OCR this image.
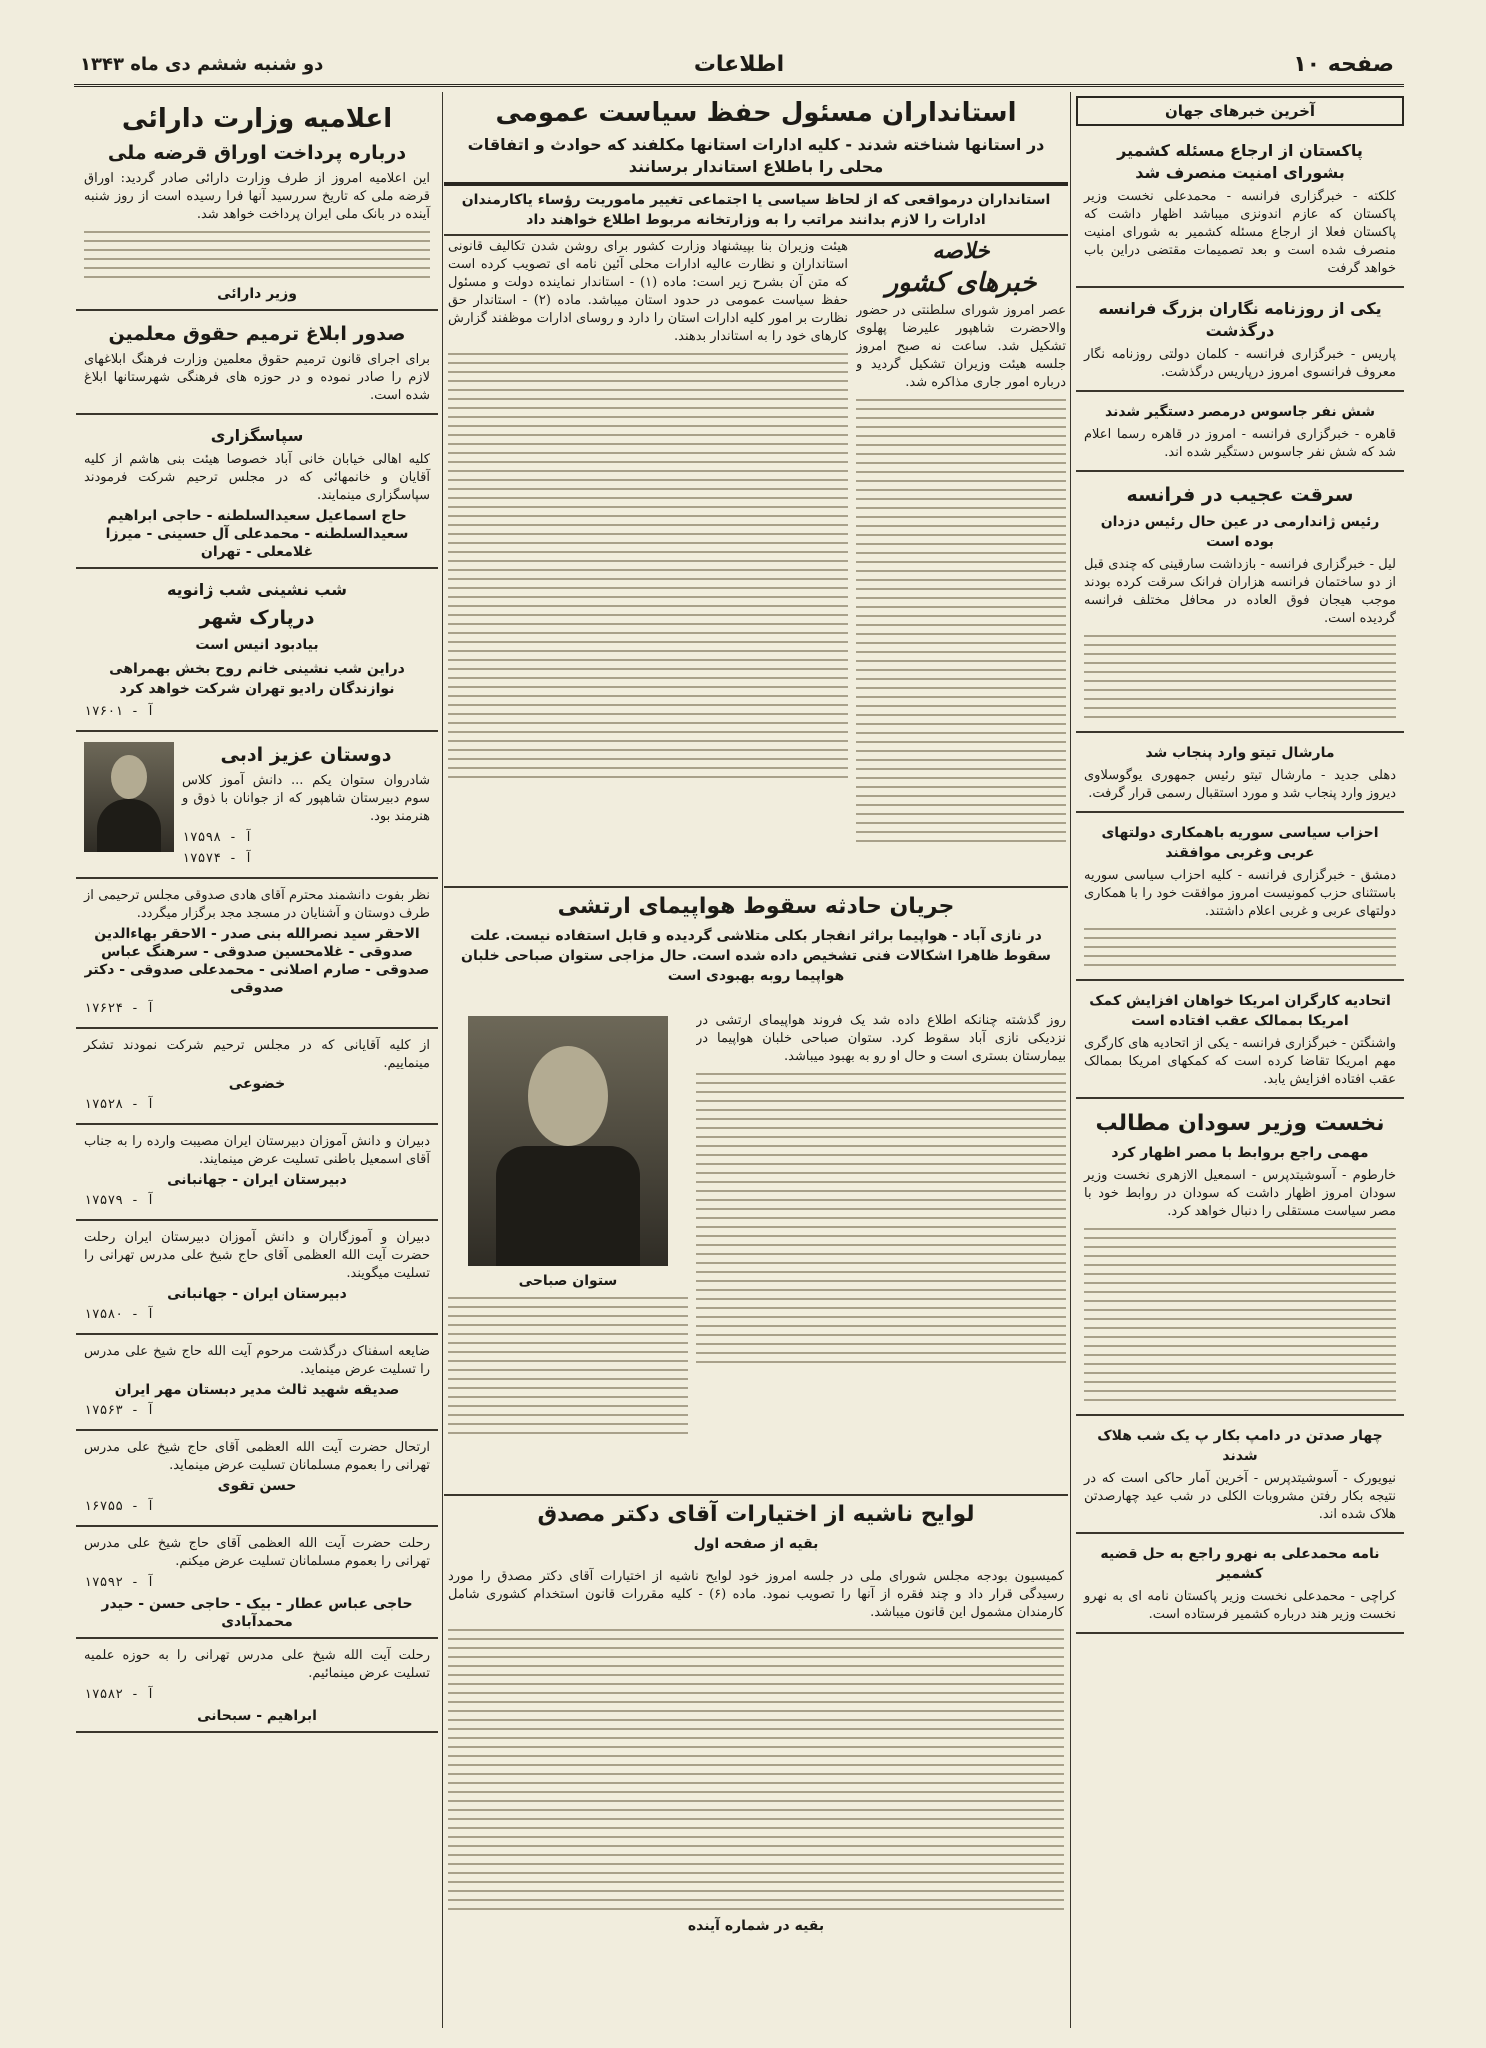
صفحه ۱۰
اطلاعات
دو شنبه ششم دی ماه ۱۳۴۳
آخرین خبرهای جهان
پاکستان از ارجاع مسئله کشمیر بشورای امنیت منصرف شد
کلکته - خبرگزاری فرانسه - محمدعلی نخست وزیر پاکستان که عازم اندونزی میباشد اظهار داشت که پاکستان فعلا از ارجاع مسئله کشمیر به شورای امنیت منصرف شده است و بعد تصمیمات مقتضی دراین باب خواهد گرفت
یکی از روزنامه نگاران بزرگ فرانسه درگذشت
پاریس - خبرگزاری فرانسه - کلمان دولتی روزنامه نگار معروف فرانسوی امروز درپاریس درگذشت.
شش نفر جاسوس درمصر دستگیر شدند
قاهره - خبرگزاری فرانسه - امروز در قاهره رسما اعلام شد که شش نفر جاسوس دستگیر شده اند.
سرقت عجیب در فرانسه
رئیس ژاندارمی در عین حال رئیس دزدان بوده است
لیل - خبرگزاری فرانسه - بازداشت سارقینی که چندی قبل از دو ساختمان فرانسه هزاران فرانک سرقت کرده بودند موجب هیجان فوق العاده در محافل مختلف فرانسه گردیده است.
مارشال تیتو وارد پنجاب شد
دهلی جدید - مارشال تیتو رئیس جمهوری یوگوسلاوی دیروز وارد پنجاب شد و مورد استقبال رسمی قرار گرفت.
احزاب سیاسی سوریه باهمکاری دولتهای عربی وغربی موافقند
دمشق - خبرگزاری فرانسه - کلیه احزاب سیاسی سوریه باستثنای حزب کمونیست امروز موافقت خود را با همکاری دولتهای عربی و غربی اعلام داشتند.
اتحادیه کارگران امریکا خواهان افزایش کمک امریکا بممالک عقب افتاده است
واشنگتن - خبرگزاری فرانسه - یکی از اتحادیه های کارگری مهم امریکا تقاضا کرده است که کمکهای امریکا بممالک عقب افتاده افزایش یابد.
نخست وزیر سودان مطالب
مهمی راجع بروابط با مصر اظهار کرد
خارطوم - آسوشیتدپرس - اسمعیل الازهری نخست وزیر سودان امروز اظهار داشت که سودان در روابط خود با مصر سیاست مستقلی را دنبال خواهد کرد.
چهار صدتن در دامپ بکار پ یک شب هلاک شدند
نیویورک - آسوشیتدپرس - آخرین آمار حاکی است که در نتیجه بکار رفتن مشروبات الکلی در شب عید چهارصدتن هلاک شده اند.
نامه محمدعلی به نهرو راجع به حل قضیه کشمیر
کراچی - محمدعلی نخست وزیر پاکستان نامه ای به نهرو نخست وزیر هند درباره کشمیر فرستاده است.
استانداران مسئول حفظ سیاست عمومی
در استانها شناخته شدند - کلیه ادارات استانها مکلفند که حوادث و اتفاقات محلی را باطلاع استاندار برسانند
استانداران درمواقعی که از لحاظ سیاسی یا اجتماعی تغییر ماموریت رؤساء یاکارمندان ادارات را لازم بدانند مراتب را به وزارتخانه مربوط اطلاع خواهند داد
خلاصه
خبرهای کشور
عصر امروز شورای سلطنتی در حضور والاحضرت شاهپور علیرضا پهلوی تشکیل شد. ساعت نه صبح امروز جلسه هیئت وزیران تشکیل گردید و درباره امور جاری مذاکره شد.
هیئت وزیران بنا بپیشنهاد وزارت کشور برای روشن شدن تکالیف قانونی استانداران و نظارت عالیه ادارات محلی آئین نامه ای تصویب کرده است که متن آن بشرح زیر است: ماده (۱) - استاندار نماینده دولت و مسئول حفظ سیاست عمومی در حدود استان میباشد. ماده (۲) - استاندار حق نظارت بر امور کلیه ادارات استان را دارد و روسای ادارات موظفند گزارش کارهای خود را به استاندار بدهند.
جریان حادثه سقوط هواپیمای ارتشی
در نازی آباد - هواپیما براثر انفجار بکلی متلاشی گردیده و قابل استفاده نیست. علت سقوط ظاهرا اشکالات فنی تشخیص داده شده است. حال مزاجی ستوان صباحی خلبان هواپیما روبه بهبودی است
ستوان صباحی
روز گذشته چنانکه اطلاع داده شد یک فروند هواپیمای ارتشی در نزدیکی نازی آباد سقوط کرد. ستوان صباحی خلبان هواپیما در بیمارستان بستری است و حال او رو به بهبود میباشد.
لوایح ناشیه از اختیارات آقای دکتر مصدق
بقیه از صفحه اول
کمیسیون بودجه مجلس شورای ملی در جلسه امروز خود لوایح ناشیه از اختیارات آقای دکتر مصدق را مورد رسیدگی قرار داد و چند فقره از آنها را تصویب نمود. ماده (۶) - کلیه مقررات قانون استخدام کشوری شامل کارمندان مشمول این قانون میباشد.
بقیه در شماره آینده
اعلامیه وزارت دارائی
درباره پرداخت اوراق قرضه ملی
این اعلامیه امروز از طرف وزارت دارائی صادر گردید: اوراق قرضه ملی که تاریخ سررسید آنها فرا رسیده است از روز شنبه آینده در بانک ملی ایران پرداخت خواهد شد.
وزیر دارائی
صدور ابلاغ ترمیم حقوق معلمین
برای اجرای قانون ترمیم حقوق معلمین وزارت فرهنگ ابلاغهای لازم را صادر نموده و در حوزه های فرهنگی شهرستانها ابلاغ شده است.
سپاسگزاری
کلیه اهالی خیابان خانی آباد خصوصا هیئت بنی هاشم از کلیه آقایان و خانمهائی که در مجلس ترحیم شرکت فرمودند سپاسگزاری مینمایند.
حاج اسماعیل سعیدالسلطنه - حاجی ابراهیم سعیدالسلطنه - محمدعلی آل حسینی - میرزا غلامعلی - تهران
شب نشینی شب ژانویه
درپارک شهر
بیادبود انیس است
دراین شب نشینی خانم روح بخش بهمراهی نوازندگان رادیو تهران شرکت خواهد کرد
آ - ۱۷۶۰۱
دوستان عزیز ادبی
شادروان ستوان یکم ... دانش آموز کلاس سوم دبیرستان شاهپور که از جوانان با ذوق و هنرمند بود.
آ - ۱۷۵۹۸
آ - ۱۷۵۷۴
نظر بفوت دانشمند محترم آقای هادی صدوقی مجلس ترحیمی از طرف دوستان و آشنایان در مسجد مجد برگزار میگردد.
الاحقر سید نصرالله بنی صدر - الاحقر بهاءالدین صدوقی - غلامحسین صدوقی - سرهنگ عباس صدوقی - صارم اصلانی - محمدعلی صدوقی - دکتر صدوقی
آ - ۱۷۶۲۴
از کلیه آقایانی که در مجلس ترحیم شرکت نمودند تشکر مینماییم.
خضوعی
آ - ۱۷۵۲۸
دبیران و دانش آموزان دبیرستان ایران مصیبت وارده را به جناب آقای اسمعیل باطنی تسلیت عرض مینمایند.
دبیرستان ایران - جهانبانی
آ - ۱۷۵۷۹
دبیران و آموزگاران و دانش آموزان دبیرستان ایران رحلت حضرت آیت الله العظمی آقای حاج شیخ علی مدرس تهرانی را تسلیت میگویند.
دبیرستان ایران - جهانبانی
آ - ۱۷۵۸۰
ضایعه اسفناک درگذشت مرحوم آیت الله حاج شیخ علی مدرس را تسلیت عرض مینماید.
صدیقه شهید ثالث مدیر دبستان مهر ایران
آ - ۱۷۵۶۳
ارتحال حضرت آیت الله العظمی آقای حاج شیخ علی مدرس تهرانی را بعموم مسلمانان تسلیت عرض مینماید.
حسن تقوی
آ - ۱۶۷۵۵
رحلت حضرت آیت الله العظمی آقای حاج شیخ علی مدرس تهرانی را بعموم مسلمانان تسلیت عرض میکنم.
آ - ۱۷۵۹۲
حاجی عباس عطار - بیک - حاجی حسن - حیدر محمدآبادی
رحلت آیت الله شیخ علی مدرس تهرانی را به حوزه علمیه تسلیت عرض مینمائیم.
آ - ۱۷۵۸۲
ابراهیم - سبحانی
